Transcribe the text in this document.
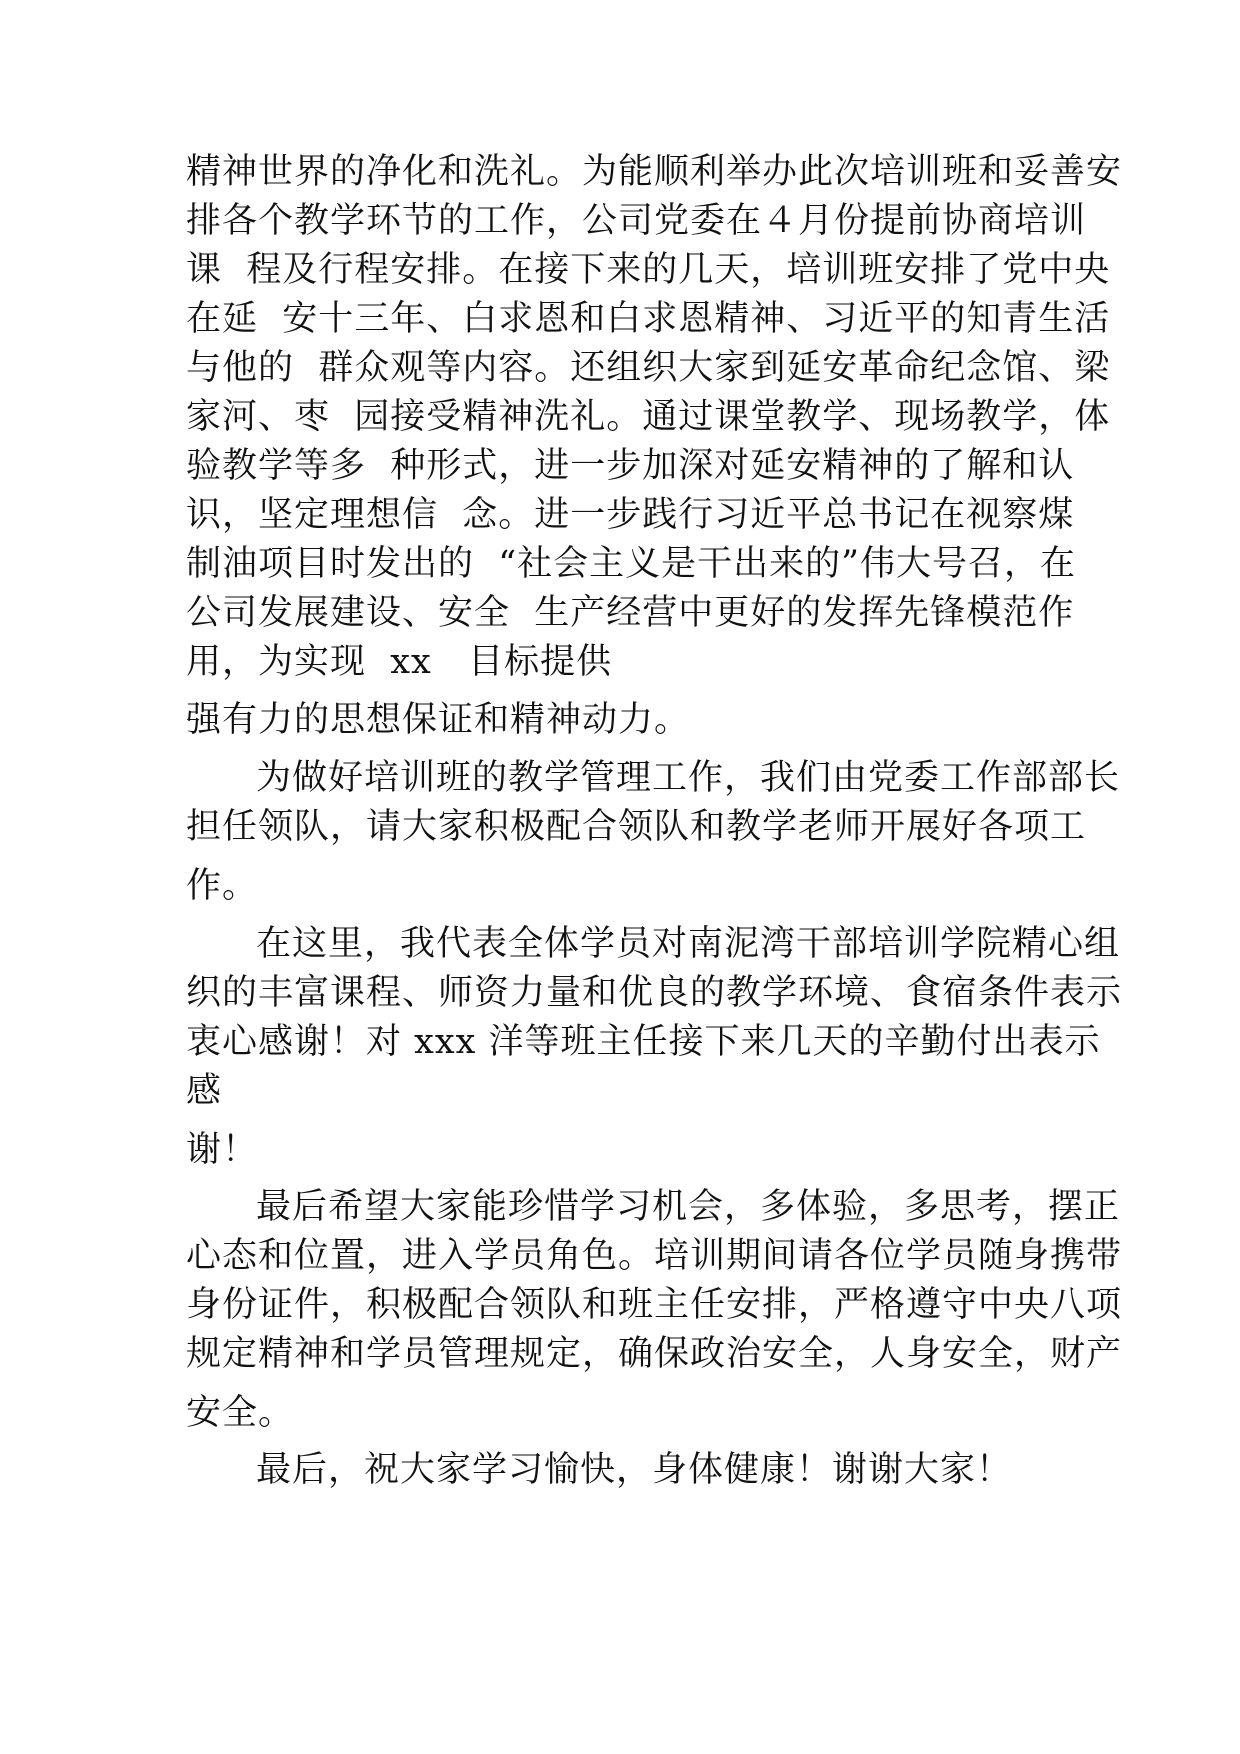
精神世界的净化和洗礼。为能顺利举办此次培训班和妥善安
排各个教学环节的工作，公司党委在４月份提前协商培训
课  程及行程安排。在接下来的几天，培训班安排了党中央
在延  安十三年、白求恩和白求恩精神、习近平的知青生活
与他的  群众观等内容。还组织大家到延安革命纪念馆、梁
家河、枣  园接受精神洗礼。通过课堂教学、现场教学，体
验教学等多  种形式，进一步加深对延安精神的了解和认
识，坚定理想信  念。进一步践行习近平总书记在视察煤
制油项目时发出的  “社会主义是干出来的”伟大号召，在
公司发展建设、安全  生产经营中更好的发挥先锋模范作
用，为实现  xx   目标提供
强有力的思想保证和精神动力。
为做好培训班的教学管理工作，我们由党委工作部部长
担任领队，请大家积极配合领队和教学老师开展好各项工
作。
在这里，我代表全体学员对南泥湾干部培训学院精心组
织的丰富课程、师资力量和优良的教学环境、食宿条件表示
衷心感谢！对 xxx 洋等班主任接下来几天的辛勤付出表示
感
谢！
最后希望大家能珍惜学习机会，多体验，多思考，摆正
心态和位置，进入学员角色。培训期间请各位学员随身携带
身份证件，积极配合领队和班主任安排，严格遵守中央八项
规定精神和学员管理规定，确保政治安全，人身安全，财产
安全。
最后，祝大家学习愉快，身体健康！谢谢大家！
